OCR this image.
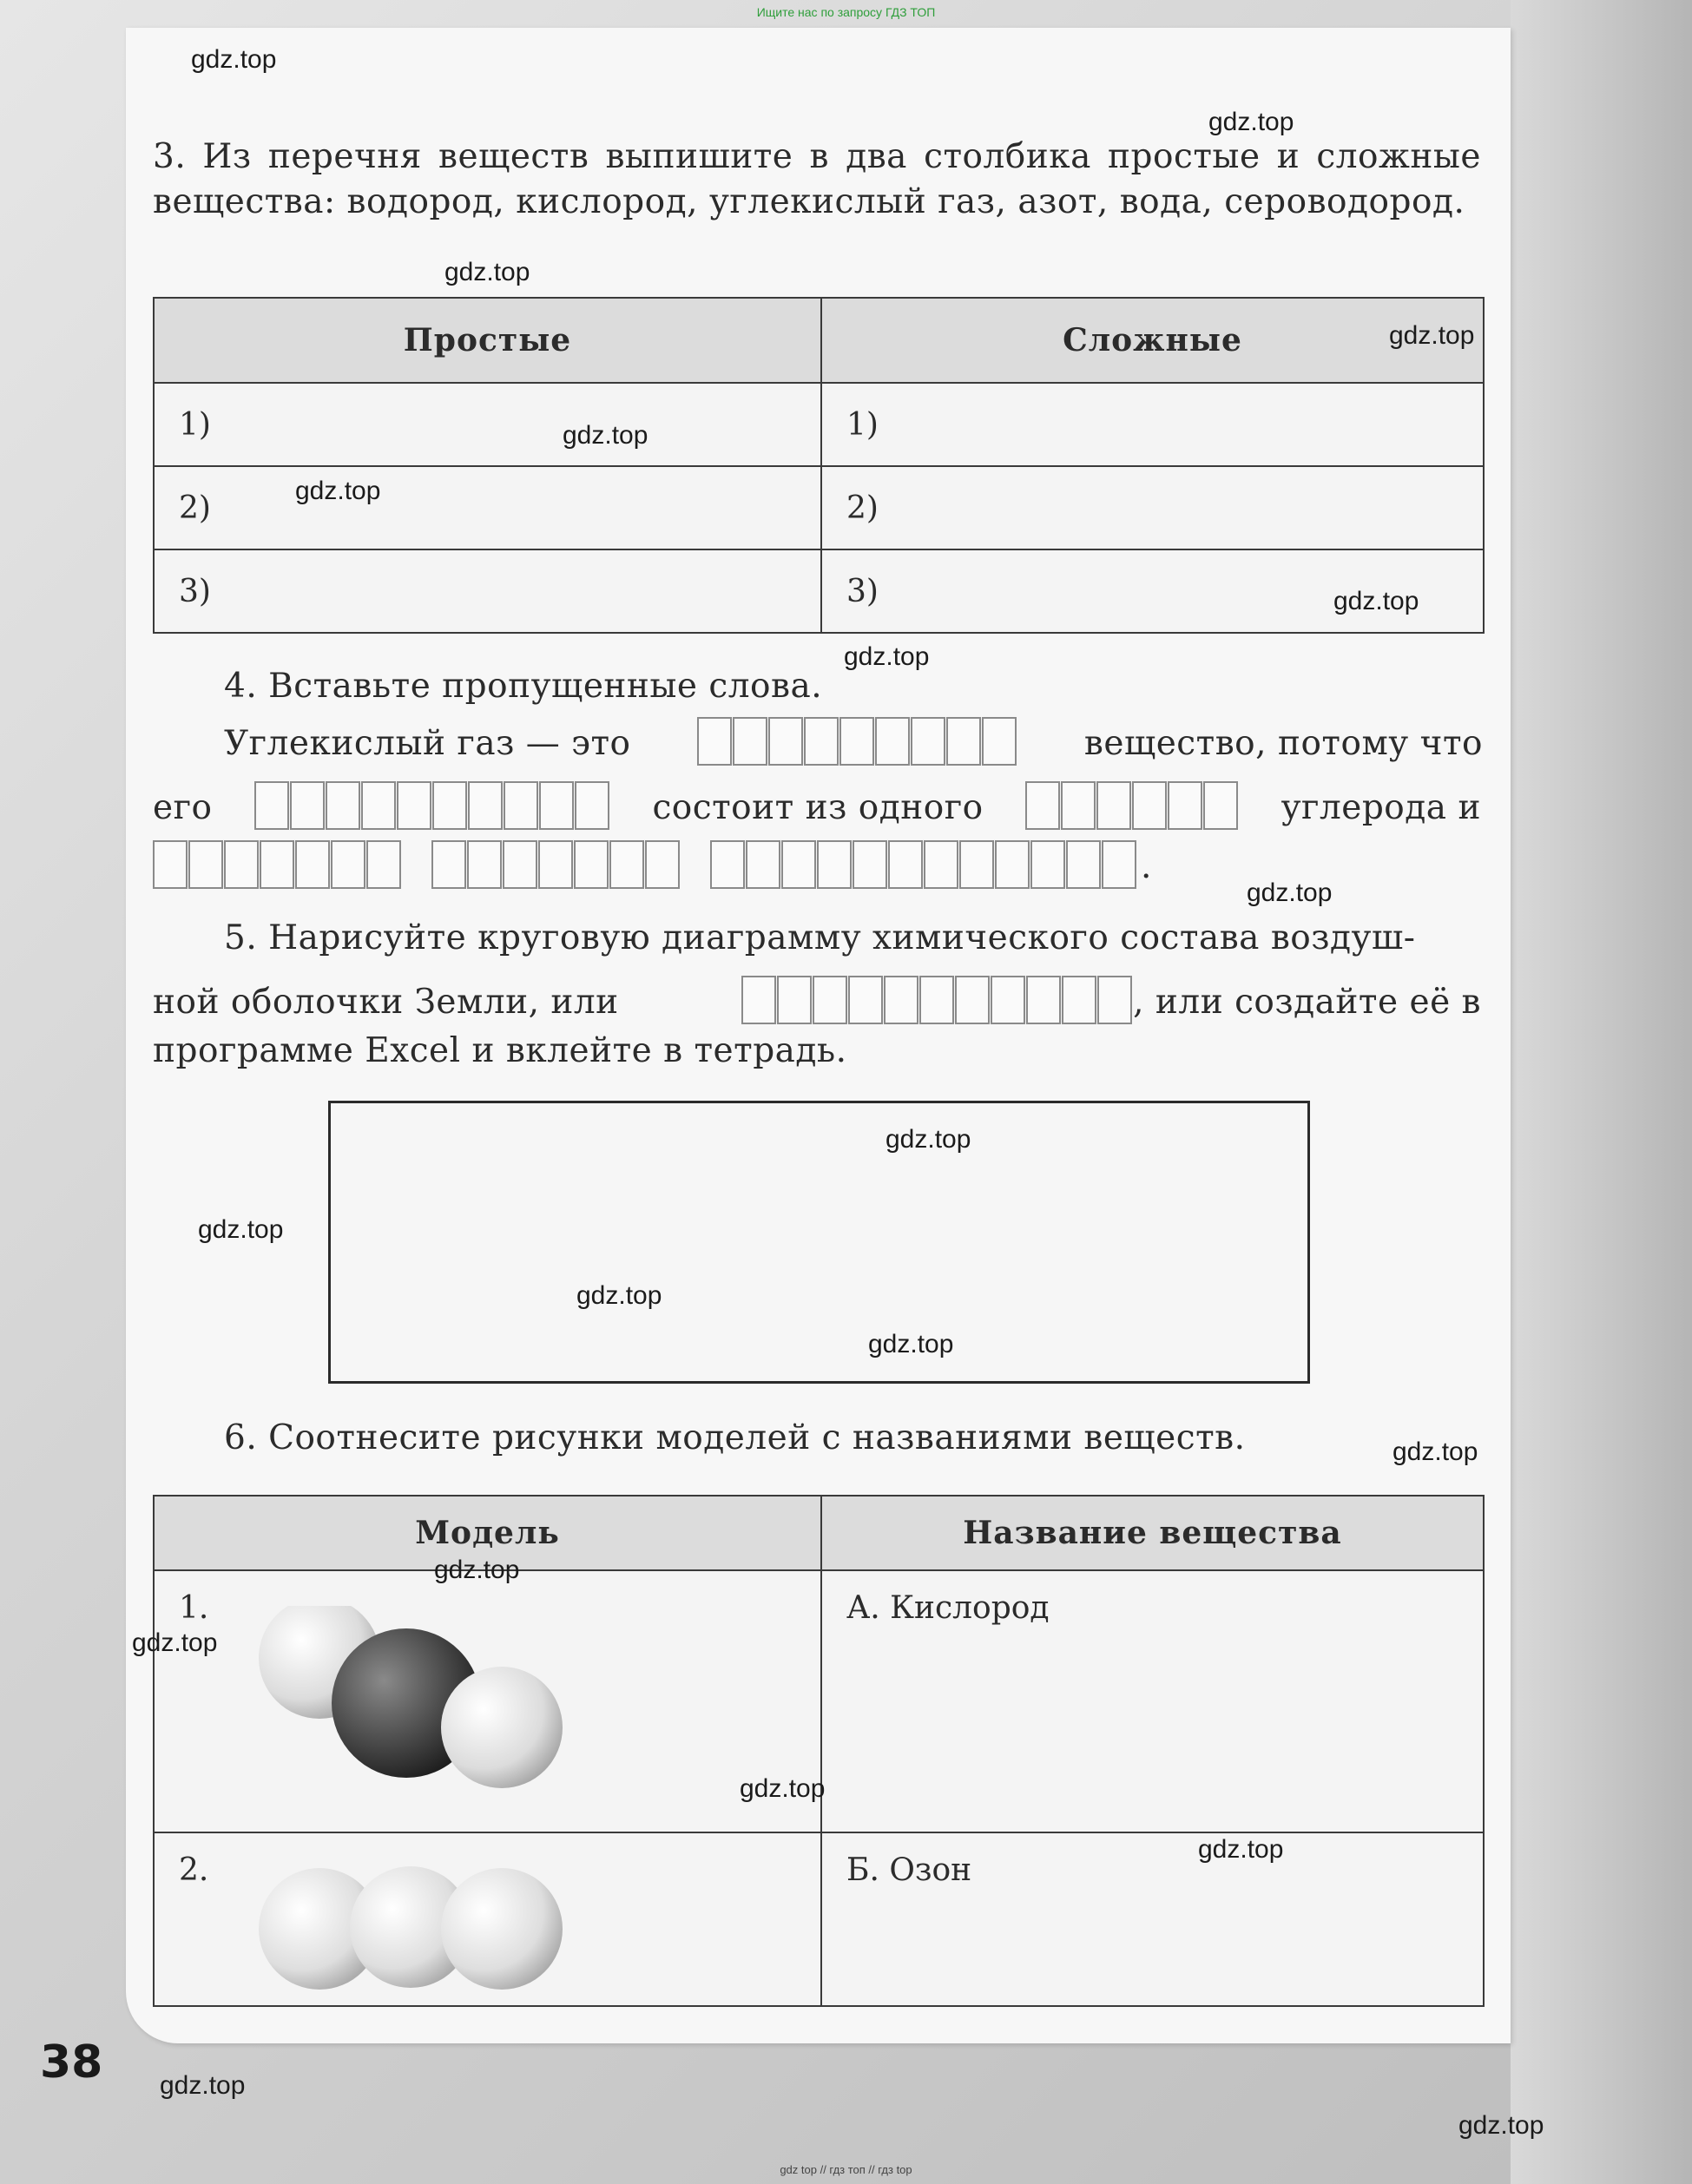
Ищите нас по запросу ГДЗ ТОП
3. Из перечня веществ выпишите в два столбика простые и сложные вещества: водород, кислород, углекислый газ, азот, вода, сероводород.
Простые	Сложные
1)	1)
2)	2)
3)	3)
4. Вставьте пропущенные слова.
Углекислый газ — это	вещество, потому что
его	состоит из одного	углерода и
.
5. Нарисуйте круговую диаграмму химического состава воздуш-
ной оболочки Земли, или	, или создайте её в
программе Excel и вклейте в тетрадь.
6. Соотнесите рисунки моделей с названиями веществ.
Модель	Название вещества
1.	А. Кислород
2.	Б. Озон
38
gdz.top
gdz.top
gdz.top
gdz.top
gdz.top
gdz.top
gdz.top
gdz.top
gdz.top
gdz.top
gdz.top
gdz.top
gdz.top
gdz.top
gdz.top
gdz.top
gdz.top
gdz.top
gdz.top
gdz.top
gdz top // гдз топ // гдз top
